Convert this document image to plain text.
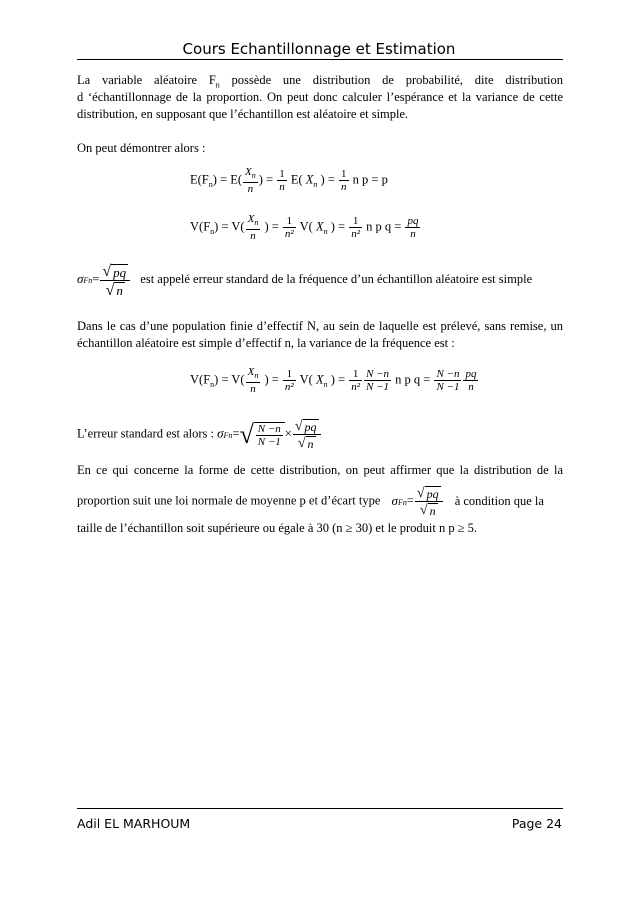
Cours Echantillonnage et Estimation
La variable aléatoire $F_n$ possède une distribution de probabilité, dite distribution
d ‘échantillonnage de la proportion. On peut donc calculer l’espérance et la variance de cette
distribution, en supposant que l’échantillon est aléatoire et simple.
On peut démontrer alors :
$E(F_n) = E( \frac{X_n}{n}$ ) = $\frac{1}{n} E$( $X_n$ ) = $\frac{1}{n}$ n p = p
$V(F_n) = V( \frac{X_n}{n}$ ) = $\frac{1}{\text{n²}} V$( $X_n$ ) = $\frac{1}{\text{n²}}$ n p $q = \frac{pq}{n}$
$\sigma Fn= \frac{√ pq}{√ n}$ est appelé erreur standard de la fréquence d’un échantillon aléatoire est simple
Dans le cas d’une population finie d’effectif N, au sein de laquelle est prélevé, sans remise, un
échantillon aléatoire est simple d’effectif n, la variance de la fréquence est :
$V(F_n) = V( \frac{X_n}{n}$ ) = $\frac{1}{\text{n²}} V$( $X_n$ ) = $\frac{1}{\text{n²}} \frac{N -n}{N -1}$ n p $q = \frac{N -n}{N -1} \frac{pq}{n}$
L’erreur standard est alors : $\sigma Fn=√ \frac{N -n}{N -1} \times \frac{√ pq}{√ n}$
En ce qui concerne la forme de cette distribution, on peut affirmer que la distribution de la
proportion suit une loi normale de moyenne p et d’écart type $\sigma Fn= \frac{√ pq}{√ n}$ à condition que la
taille de l’échantillon soit supérieure ou égale à 30 (n ≥ 30) et le produit n p ≥ 5.
Adil EL MARHOUM	Page 24
